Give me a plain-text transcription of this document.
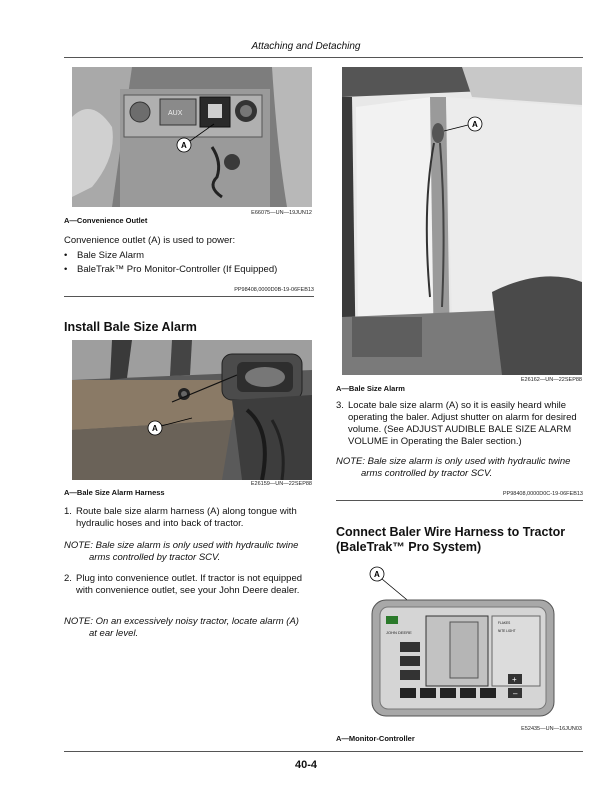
Attaching and Detaching
AUX
A
E66075—UN—19JUN12
A—Convenience Outlet
Convenience outlet (A) is used to power:
•	Bale Size Alarm
•	BaleTrak™ Pro Monitor-Controller (If Equipped)
PP98408,0000D0B-19-06FEB13
Install Bale Size Alarm
A
E26159—UN—22SEP88
A—Bale Size Alarm Harness
1. Route bale size alarm harness (A) along tongue with hydraulic hoses and into back of tractor.
NOTE: Bale size alarm is only used with hydraulic twine
arms controlled by tractor SCV.
2. Plug into convenience outlet. If tractor is not equipped with convenience outlet, see your John Deere dealer.
NOTE: On an excessively noisy tractor, locate alarm (A)
at ear level.
A
E26162—UN—22SEP88
A—Bale Size Alarm
3. Locate bale size alarm (A) so it is easily heard while operating the baler. Adjust shutter on alarm for desired volume. (See ADJUST AUDIBLE BALE SIZE ALARM VOLUME in Operating the Baler section.)
NOTE: Bale size alarm is only used with hydraulic twine
arms controlled by tractor SCV.
PP98408,0000D0C-19-06FEB13
Connect Baler Wire Harness to Tractor (BaleTrak™ Pro System)
A
JOHN DEERE
FLAKES
NITE LIGHT
+
–
E52435—UN—16JUN03
A—Monitor-Controller
40-4
